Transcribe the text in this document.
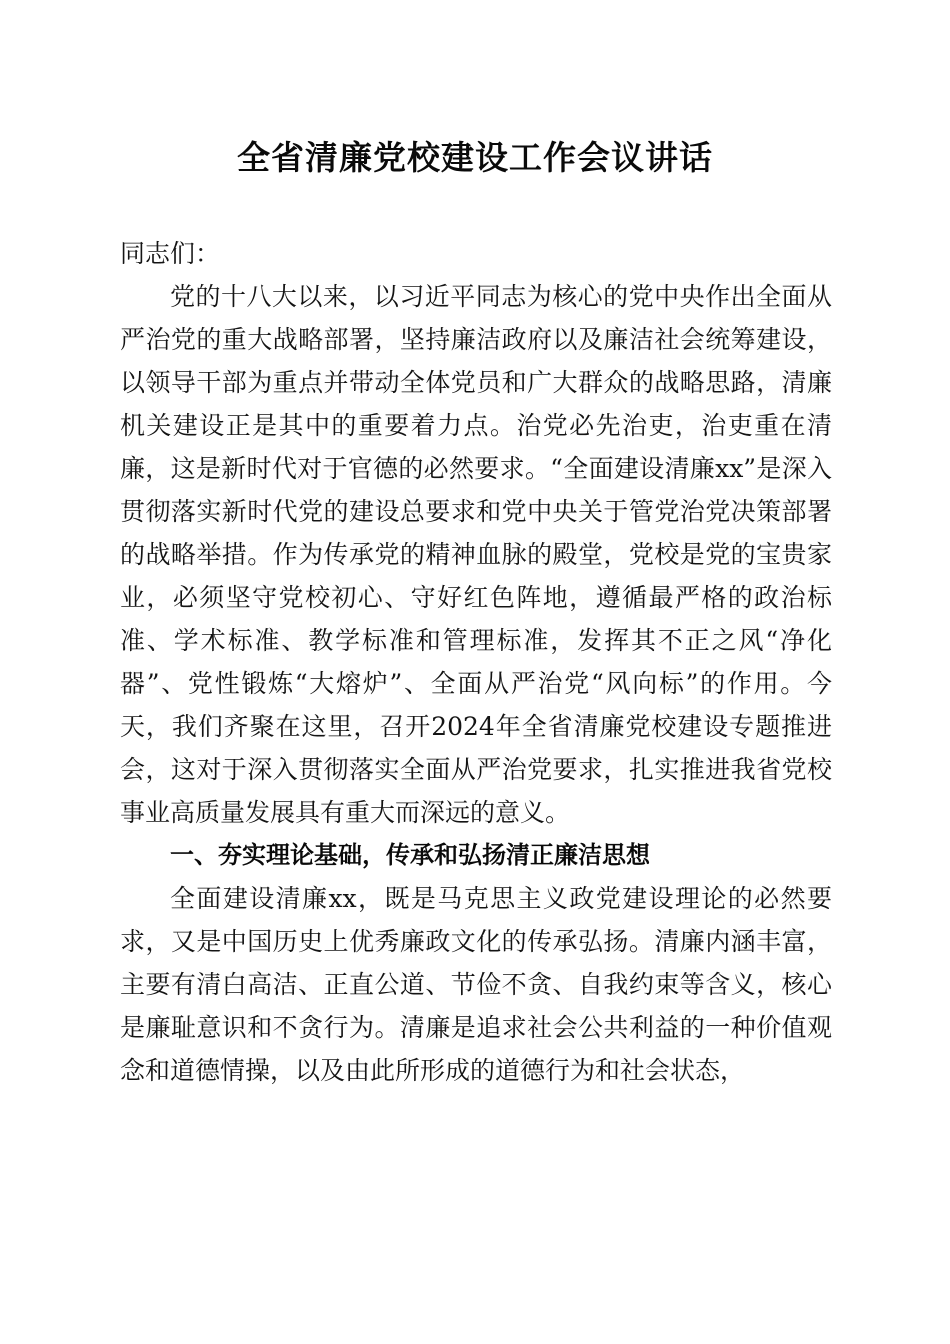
全省清廉党校建设工作会议讲话

同志们：

党的十八大以来，以习近平同志为核心的党中央作出全面从严治党的重大战略部署，坚持廉洁政府以及廉洁社会统筹建设，以领导干部为重点并带动全体党员和广大群众的战略思路，清廉机关建设正是其中的重要着力点。治党必先治吏，治吏重在清廉，这是新时代对于官德的必然要求。“全面建设清廉xx”是深入贯彻落实新时代党的建设总要求和党中央关于管党治党决策部署的战略举措。作为传承党的精神血脉的殿堂，党校是党的宝贵家业，必须坚守党校初心、守好红色阵地，遵循最严格的政治标准、学术标准、教学标准和管理标准，发挥其不正之风“净化器”、党性锻炼“大熔炉”、全面从严治党“风向标”的作用。今天，我们齐聚在这里，召开2024年全省清廉党校建设专题推进会，这对于深入贯彻落实全面从严治党要求，扎实推进我省党校事业高质量发展具有重大而深远的意义。

一、夯实理论基础，传承和弘扬清正廉洁思想

全面建设清廉xx，既是马克思主义政党建设理论的必然要求，又是中国历史上优秀廉政文化的传承弘扬。清廉内涵丰富，主要有清白高洁、正直公道、节俭不贪、自我约束等含义，核心是廉耻意识和不贪行为。清廉是追求社会公共利益的一种价值观念和道德情操，以及由此所形成的道德行为和社会状态，
